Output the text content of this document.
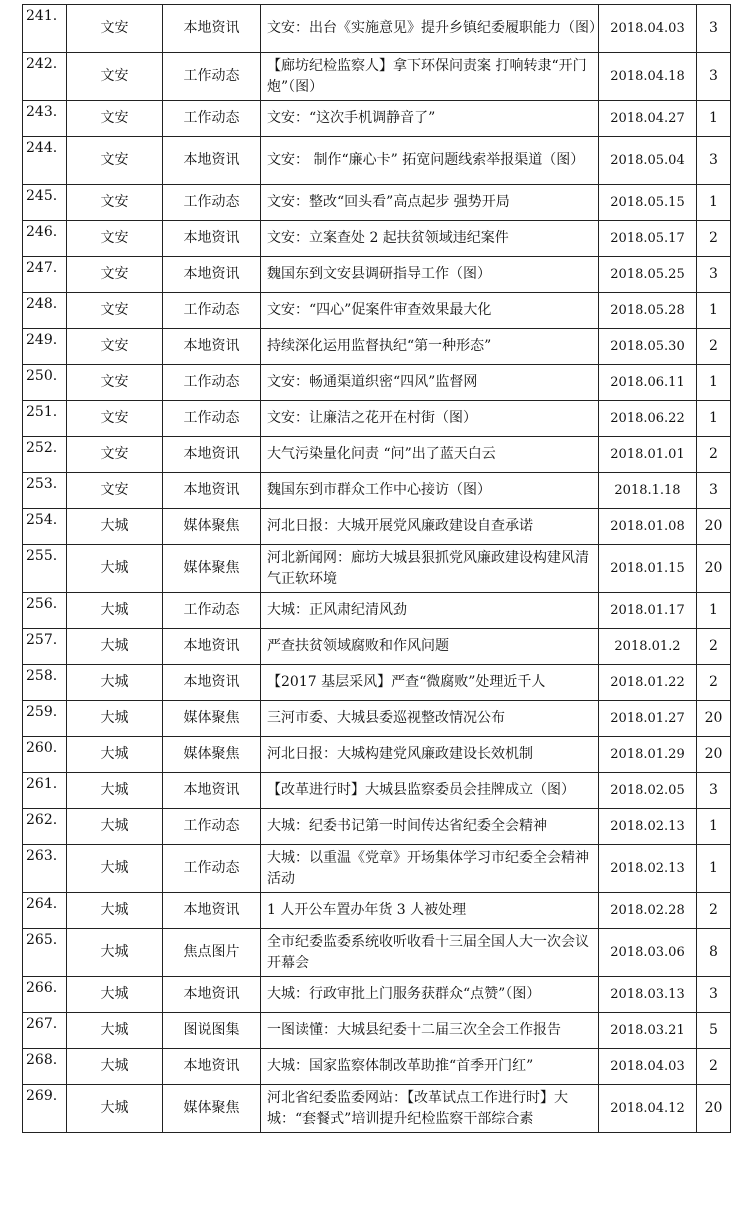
241.	文安	本地资讯	文安：出台《实施意见》提升乡镇纪委履职能力（图）	2018.04.03	3
242.	文安	工作动态	【廊坊纪检监察人】拿下环保问责案 打响转隶“开门炮”（图）	2018.04.18	3
243.	文安	工作动态	文安：“这次手机调静音了”	2018.04.27	1
244.	文安	本地资讯	文安： 制作“廉心卡” 拓宽问题线索举报渠道（图）	2018.05.04	3
245.	文安	工作动态	文安：整改“回头看”高点起步 强势开局	2018.05.15	1
246.	文安	本地资讯	文安：立案查处 2 起扶贫领域违纪案件	2018.05.17	2
247.	文安	本地资讯	魏国东到文安县调研指导工作（图）	2018.05.25	3
248.	文安	工作动态	文安：“四心”促案件审查效果最大化	2018.05.28	1
249.	文安	本地资讯	持续深化运用监督执纪“第一种形态”	2018.05.30	2
250.	文安	工作动态	文安：畅通渠道织密“四风”监督网	2018.06.11	1
251.	文安	工作动态	文安：让廉洁之花开在村街（图）	2018.06.22	1
252.	文安	本地资讯	大气污染量化问责 “问”出了蓝天白云	2018.01.01	2
253.	文安	本地资讯	魏国东到市群众工作中心接访（图）	2018.1.18	3
254.	大城	媒体聚焦	河北日报：大城开展党风廉政建设自查承诺	2018.01.08	20
255.	大城	媒体聚焦	河北新闻网：廊坊大城县狠抓党风廉政建设构建风清气正软环境	2018.01.15	20
256.	大城	工作动态	大城：正风肃纪清风劲	2018.01.17	1
257.	大城	本地资讯	严查扶贫领域腐败和作风问题	2018.01.2	2
258.	大城	本地资讯	【2017 基层采风】严查“微腐败”处理近千人	2018.01.22	2
259.	大城	媒体聚焦	三河市委、大城县委巡视整改情况公布	2018.01.27	20
260.	大城	媒体聚焦	河北日报：大城构建党风廉政建设长效机制	2018.01.29	20
261.	大城	本地资讯	【改革进行时】大城县监察委员会挂牌成立（图）	2018.02.05	3
262.	大城	工作动态	大城：纪委书记第一时间传达省纪委全会精神	2018.02.13	1
263.	大城	工作动态	大城：以重温《党章》开场集体学习市纪委全会精神活动	2018.02.13	1
264.	大城	本地资讯	1 人开公车置办年货 3 人被处理	2018.02.28	2
265.	大城	焦点图片	全市纪委监委系统收听收看十三届全国人大一次会议开幕会	2018.03.06	8
266.	大城	本地资讯	大城：行政审批上门服务获群众“点赞”（图）	2018.03.13	3
267.	大城	图说图集	一图读懂：大城县纪委十二届三次全会工作报告	2018.03.21	5
268.	大城	本地资讯	大城：国家监察体制改革助推“首季开门红”	2018.04.03	2
269.	大城	媒体聚焦	河北省纪委监委网站：【改革试点工作进行时】大城：“套餐式”培训提升纪检监察干部综合素	2018.04.12	20
